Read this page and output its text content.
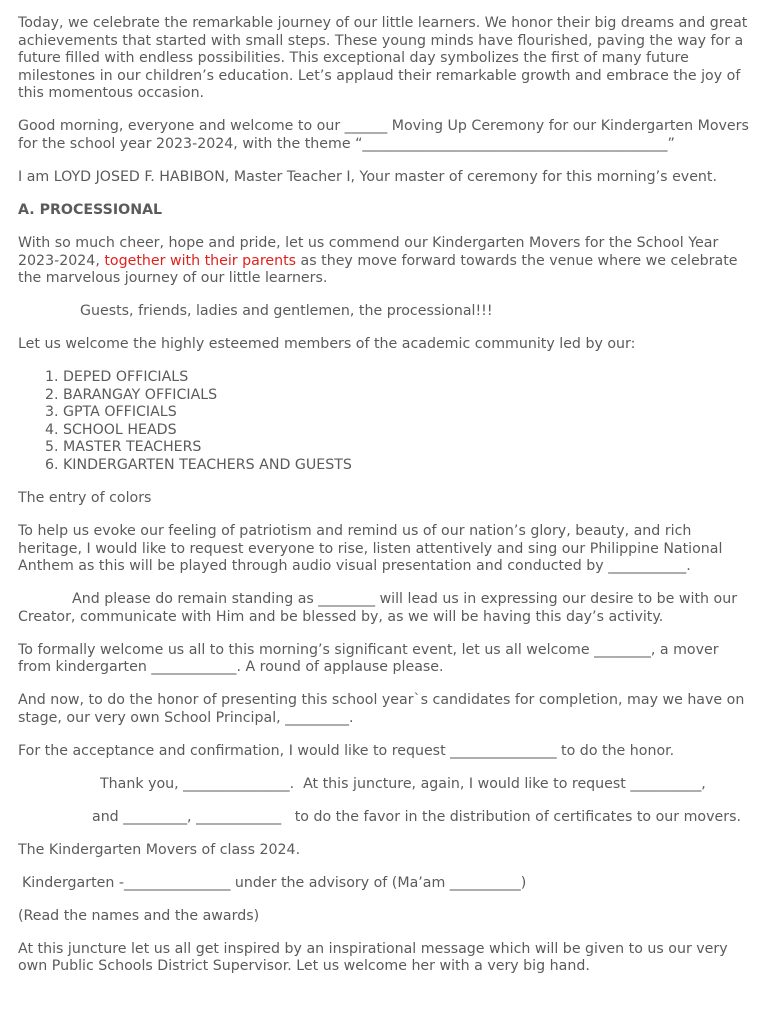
Today, we celebrate the remarkable journey of our little learners. We honor their big dreams and great achievements that started with small steps. These young minds have flourished, paving the way for a future filled with endless possibilities. This exceptional day symbolizes the first of many future milestones in our children’s education. Let’s applaud their remarkable growth and embrace the joy of this momentous occasion.

Good morning, everyone and welcome to our ______ Moving Up Ceremony for our Kindergarten Movers for the school year 2023-2024, with the theme “___________________________________________”

I am LOYD JOSED F. HABIBON, Master Teacher I, Your master of ceremony for this morning’s event.

A. PROCESSIONAL

With so much cheer, hope and pride, let us commend our Kindergarten Movers for the School Year 2023-2024, together with their parents as they move forward towards the venue where we celebrate the marvelous journey of our little learners.

Guests, friends, ladies and gentlemen, the processional!!!

Let us welcome the highly esteemed members of the academic community led by our:

1. DEPED OFFICIALS
2. BARANGAY OFFICIALS
3. GPTA OFFICIALS
4. SCHOOL HEADS
5. MASTER TEACHERS
6. KINDERGARTEN TEACHERS AND GUESTS

The entry of colors

To help us evoke our feeling of patriotism and remind us of our nation’s glory, beauty, and rich heritage, I would like to request everyone to rise, listen attentively and sing our Philippine National Anthem as this will be played through audio visual presentation and conducted by ___________.

And please do remain standing as ________ will lead us in expressing our desire to be with our Creator, communicate with Him and be blessed by, as we will be having this day’s activity.

To formally welcome us all to this morning’s significant event, let us all welcome ________, a mover from kindergarten ____________. A round of applause please.

And now, to do the honor of presenting this school year`s candidates for completion, may we have on stage, our very own School Principal, _________.

For the acceptance and confirmation, I would like to request _______________ to do the honor.

Thank you, _______________.  At this juncture, again, I would like to request __________,

and _________, ____________   to do the favor in the distribution of certificates to our movers.

The Kindergarten Movers of class 2024.

Kindergarten -_______________ under the advisory of (Ma’am __________)

(Read the names and the awards)

At this juncture let us all get inspired by an inspirational message which will be given to us our very own Public Schools District Supervisor. Let us welcome her with a very big hand.
